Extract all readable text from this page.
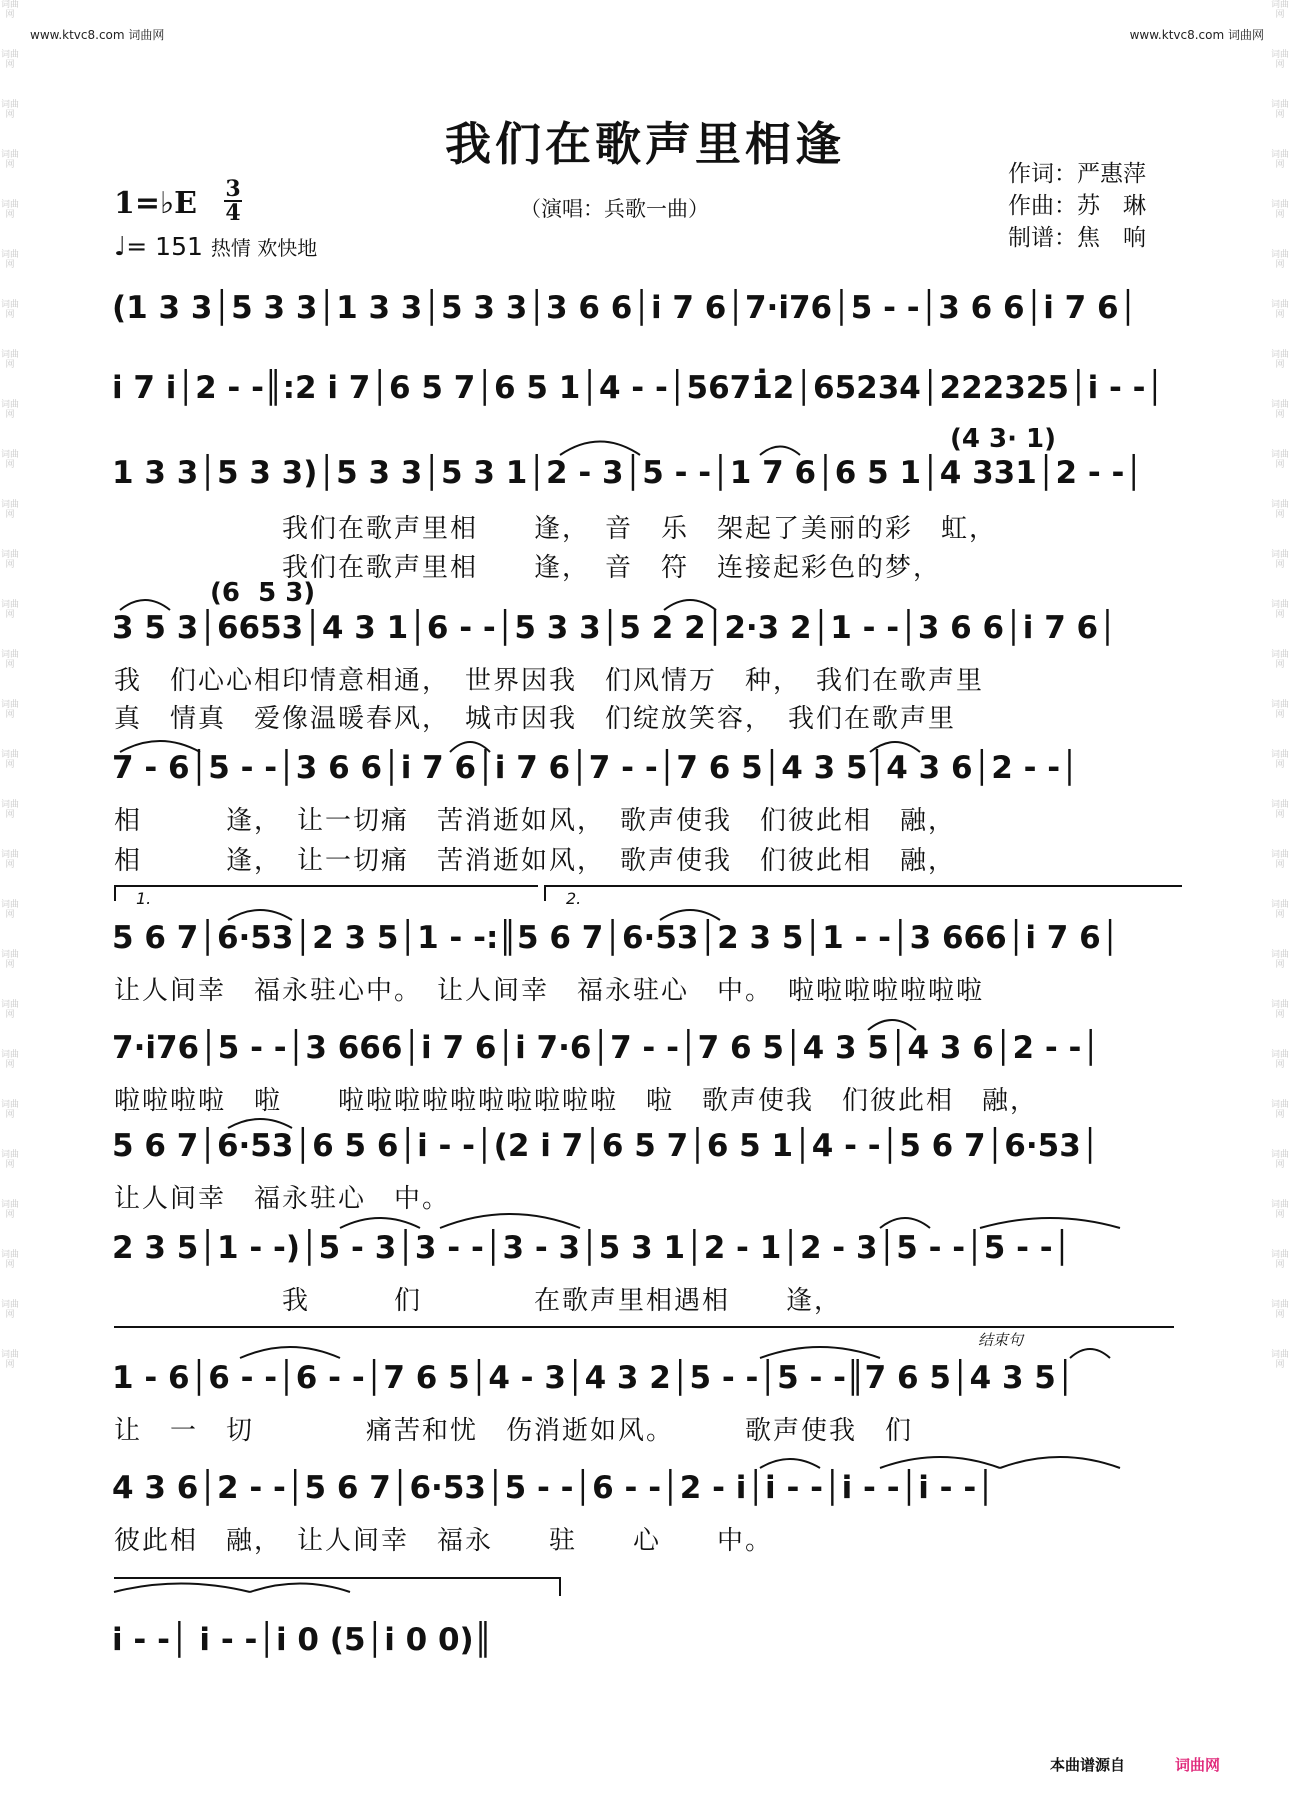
词曲网
词曲网
词曲网
词曲网
词曲网
词曲网
词曲网
词曲网
词曲网
词曲网
词曲网
词曲网
词曲网
词曲网
词曲网
词曲网
词曲网
词曲网
词曲网
词曲网
词曲网
词曲网
词曲网
词曲网
词曲网
词曲网
词曲网
词曲网
词曲网
词曲网
词曲网
词曲网
词曲网
词曲网
词曲网
词曲网
词曲网
词曲网
词曲网
词曲网
词曲网
词曲网
词曲网
词曲网
词曲网
词曲网
词曲网
词曲网
词曲网
词曲网
词曲网
词曲网
词曲网
词曲网
词曲网
词曲网
www.ktvc8.com 词曲网	www.ktvc8.com 词曲网
我们在歌声里相逢
（演唱：兵歌一曲）
作词：严惠萍
作曲：苏　琳
制谱：焦　响
1=♭E 3
4
♩= 151 热情 欢快地
(1 3 3│5 3 3│1 3 3│5 3 3│3 6 6│i 7 6│7·i76│5 - -│3 6 6│i 7 6│
i 7 i│2 - -║:2 i 7│6 5 7│6 5 1│4 - -│5671̇2│65234│222325│i - -│
(4 3· 1)
1 3 3│5 3 3)│5 3 3│5 3 1│2 - 3│5 - -│1 7 6│6 5 1│4 331│2 - -│
　　　　　　我们在歌声里相　　逢，　音　乐　架起了美丽的彩　虹，
　　　　　　我们在歌声里相　　逢，　音　符　连接起彩色的梦，
(6  5 3)
3 5 3│6653│4 3 1│6 - -│5 3 3│5 2 2│2·3 2│1 - -│3 6 6│i 7 6│
我　们心心相印情意相通，　世界因我　们风情万　种，　我们在歌声里
真　情真　爱像温暖春风，　城市因我　们绽放笑容，　我们在歌声里
7 - 6│5 - -│3 6 6│i 7 6│i 7 6│7 - -│7 6 5│4 3 5│4 3 6│2 - -│
相　　　逢，　让一切痛　苦消逝如风，　歌声使我　们彼此相　融，
相　　　逢，　让一切痛　苦消逝如风，　歌声使我　们彼此相　融，
1.	2.
5 6 7│6·53│2 3 5│1 - -:║5 6 7│6·53│2 3 5│1 - -│3 666│i 7 6│
让人间幸　福永驻心中。　让人间幸　福永驻心　中。　啦啦啦啦啦啦啦
7·i76│5 - -│3 666│i 7 6│i 7·6│7 - -│7 6 5│4 3 5│4 3 6│2 - -│
啦啦啦啦　啦　　啦啦啦啦啦啦啦啦啦啦　啦　歌声使我　们彼此相　融，
5 6 7│6·53│6 5 6│i - -│(2 i 7│6 5 7│6 5 1│4 - -│5 6 7│6·53│
让人间幸　福永驻心　中。
2 3 5│1 - -)│5 - 3│3 - -│3 - 3│5 3 1│2 - 1│2 - 3│5 - -│5 - -│
　　　　　　我　　　们　　　　在歌声里相遇相　　逢，
结束句
1 - 6│6 - -│6 - -│7 6 5│4 - 3│4 3 2│5 - -│5 - -║7 6 5│4 3 5│
让　一　切　　　　痛苦和忧　伤消逝如风。　　　歌声使我　们
4 3 6│2 - -│5 6 7│6·53│5 - -│6 - -│2 - i│i - -│i - -│i - -│
彼此相　融，　让人间幸　福永　　驻　　心　　中。
i - -│ i - -│i 0 (5│i 0 0)║
本曲谱源自	词曲网
